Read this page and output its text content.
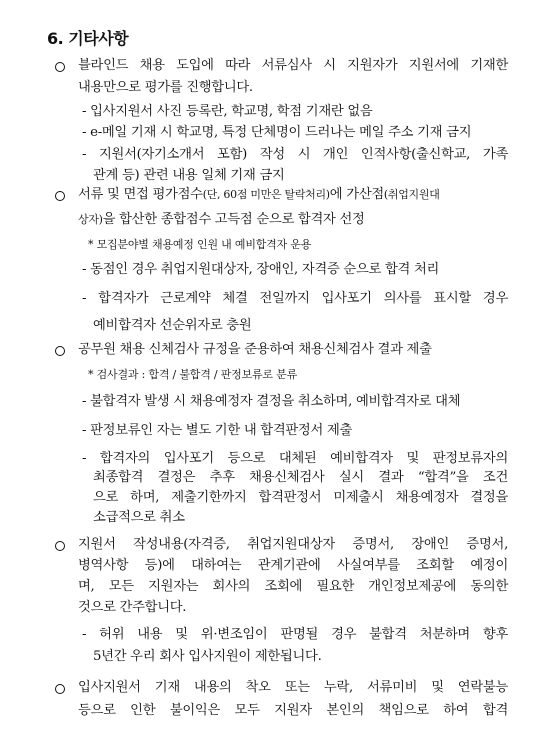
6. 기타사항
블라인드 채용 도입에 따라 서류심사 시 지원자가 지원서에 기재한
내용만으로 평가를 진행합니다.
- 입사지원서 사진 등록란, 학교명, 학점 기재란 없음
- e-메일 기재 시 학교명, 특정 단체명이 드러나는 메일 주소 기재 금지
- 지원서(자기소개서 포함) 작성 시 개인 인적사항(출신학교, 가족
관계 등) 관련 내용 일체 기재 금지
서류 및 면접 평가점수(단, 60점 미만은 탈락처리)에 가산점(취업지원대
상자)을 합산한 종합점수 고득점 순으로 합격자 선정
* 모집분야별 채용예정 인원 내 예비합격자 운용
- 동점인 경우 취업지원대상자, 장애인, 자격증 순으로 합격 처리
- 합격자가 근로계약 체결 전일까지 입사포기 의사를 표시할 경우
예비합격자 선순위자로 충원
공무원 채용 신체검사 규정을 준용하여 채용신체검사 결과 제출
* 검사결과 : 합격 / 불합격 / 판정보류로 분류
- 불합격자 발생 시 채용예정자 결정을 취소하며, 예비합격자로 대체
- 판정보류인 자는 별도 기한 내 합격판정서 제출
- 합격자의 입사포기 등으로 대체된 예비합격자 및 판정보류자의
최종합격 결정은 추후 채용신체검사 실시 결과 “합격”을 조건
으로 하며, 제출기한까지 합격판정서 미제출시 채용예정자 결정을
소급적으로 취소
지원서 작성내용(자격증, 취업지원대상자 증명서, 장애인 증명서,
병역사항 등)에 대하여는 관계기관에 사실여부를 조회할 예정이
며, 모든 지원자는 회사의 조회에 필요한 개인정보제공에 동의한
것으로 간주합니다.
- 허위 내용 및 위·변조임이 판명될 경우 불합격 처분하며 향후
5년간 우리 회사 입사지원이 제한됩니다.
입사지원서 기재 내용의 착오 또는 누락, 서류미비 및 연락불능
등으로 인한 불이익은 모두 지원자 본인의 책임으로 하여 합격
